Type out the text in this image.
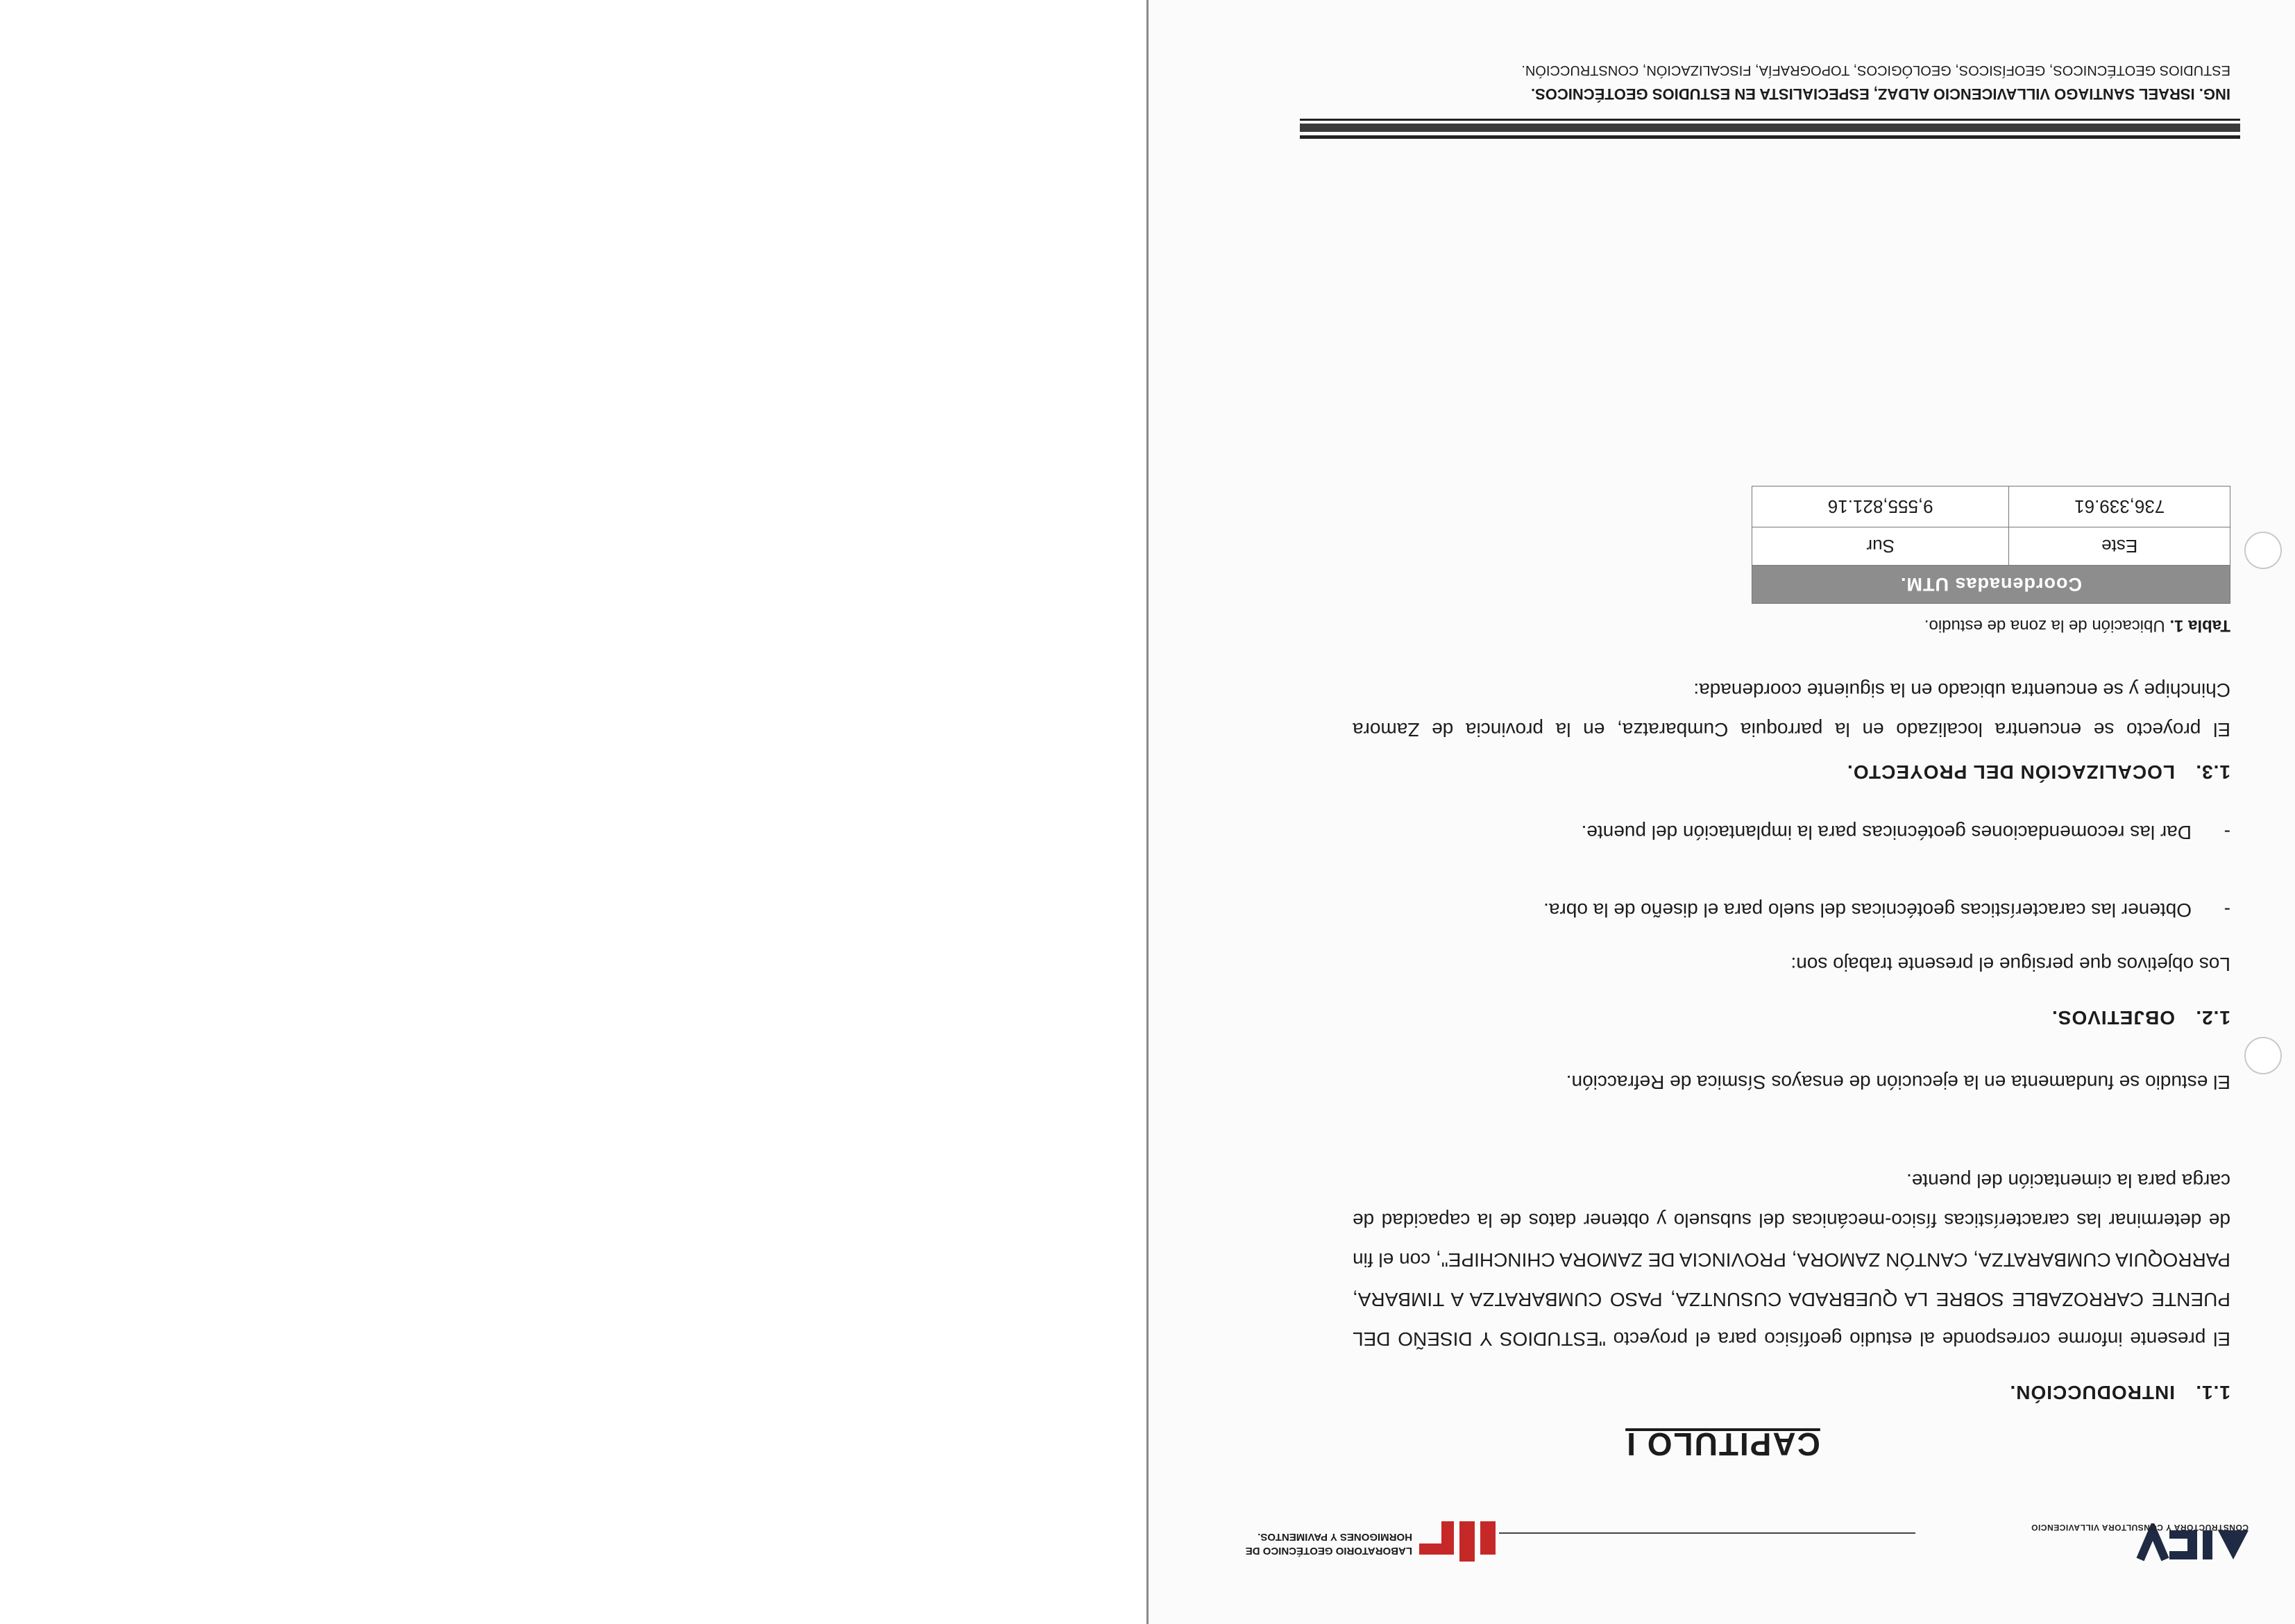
CONSTRUCTORA Y CONSULTORA VILLAVICENCIO
LABORATORIO GEOTÉCNICO DE
HORMIGONES Y PAVIMENTOS.
CAPITULO I
1.1.INTRODUCCIÓN.
El presente informe corresponde al estudio geofísico para el proyecto "ESTUDIOS Y DISEÑO DEL PUENTE CARROZABLE SOBRE LA QUEBRADA CUSUNTZA, PASO CUMBARATZA A TIMBARA, PARROQUIA CUMBARATZA, CANTÓN ZAMORA, PROVINCIA DE ZAMORA CHINCHIPE", con el fin de determinar las características físico-mecánicas del subsuelo y obtener datos de la capacidad de carga para la cimentación del puente.
El estudio se fundamenta en la ejecución de ensayos Sísmica de Refracción.
1.2.OBJETIVOS.
Los objetivos que persigue el presente trabajo son:
-
Obtener las características geotécnicas del suelo para el diseño de la obra.
-
Dar las recomendaciones geotécnicas para la implantación del puente.
1.3.LOCALIZACIÓN DEL PROYECTO.
El proyecto se encuentra localizado en la parroquia Cumbaratza, en la provincia de Zamora Chinchipe y se encuentra ubicado en la siguiente coordenada:
Tabla 1. Ubicación de la zona de estudio.
Coordenadas UTM.	
Este	Sur
736,339.61	9,555,821.16
ING. ISRAEL SANTIAGO VILLAVICENCIO ALDAZ, ESPECIALISTA EN ESTUDIOS GEOTÉCNICOS.
ESTUDIOS GEOTÉCNICOS, GEOFÍSICOS, GEOLÓGICOS, TOPOGRAFÍA, FISCALIZACIÓN, CONSTRUCCIÓN.
